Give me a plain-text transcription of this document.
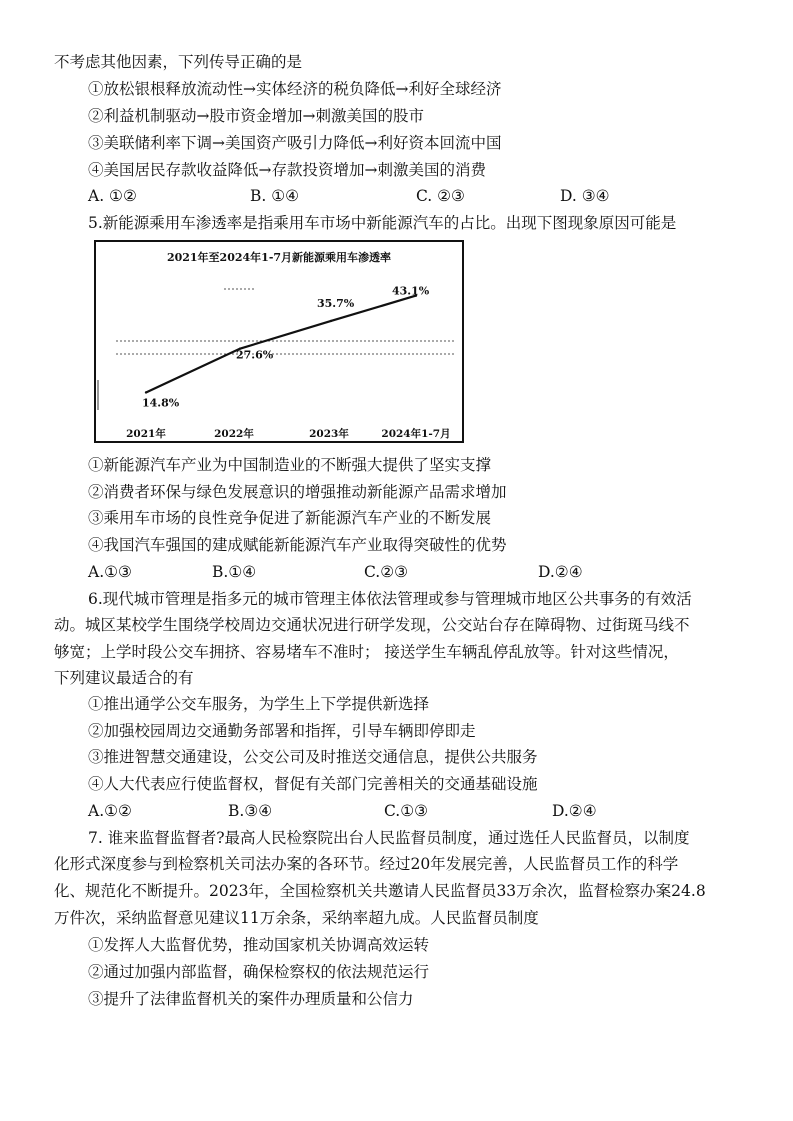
不考虑其他因素，下列传导正确的是
①放松银根释放流动性→实体经济的税负降低→利好全球经济
②利益机制驱动→股市资金增加→刺激美国的股市
③美联储利率下调→美国资产吸引力降低→利好资本回流中国
④美国居民存款收益降低→存款投资增加→刺激美国的消费
A. ①②	B. ①④	C. ②③	D. ③④
5.新能源乘用车渗透率是指乘用车市场中新能源汽车的占比。出现下图现象原因可能是
2021年至2024年1-7月新能源乘用车渗透率
14.8%
27.6%
35.7%
43.1%
2021年	2022年	2023年	2024年1-7月
①新能源汽车产业为中国制造业的不断强大提供了坚实支撑
②消费者环保与绿色发展意识的增强推动新能源产品需求增加
③乘用车市场的良性竞争促进了新能源汽车产业的不断发展
④我国汽车强国的建成赋能新能源汽车产业取得突破性的优势
A.①③	B.①④	C.②③	D.②④
6.现代城市管理是指多元的城市管理主体依法管理或参与管理城市地区公共事务的有效活
动。城区某校学生围绕学校周边交通状况进行研学发现，公交站台存在障碍物、过街斑马线不
够宽；上学时段公交车拥挤、容易堵车不准时； 接送学生车辆乱停乱放等。针对这些情况，
下列建议最适合的有
①推出通学公交车服务，为学生上下学提供新选择
②加强校园周边交通勤务部署和指挥，引导车辆即停即走
③推进智慧交通建设，公交公司及时推送交通信息，提供公共服务
④人大代表应行使监督权，督促有关部门完善相关的交通基础设施
A.①②	B.③④	C.①③	D.②④
7. 谁来监督监督者?最高人民检察院出台人民监督员制度，通过选任人民监督员，以制度
化形式深度参与到检察机关司法办案的各环节。经过20年发展完善，人民监督员工作的科学
化、规范化不断提升。2023年，全国检察机关共邀请人民监督员33万余次，监督检察办案24.8
万件次，采纳监督意见建议11万余条，采纳率超九成。人民监督员制度
①发挥人大监督优势，推动国家机关协调高效运转
②通过加强内部监督，确保检察权的依法规范运行
③提升了法律监督机关的案件办理质量和公信力
